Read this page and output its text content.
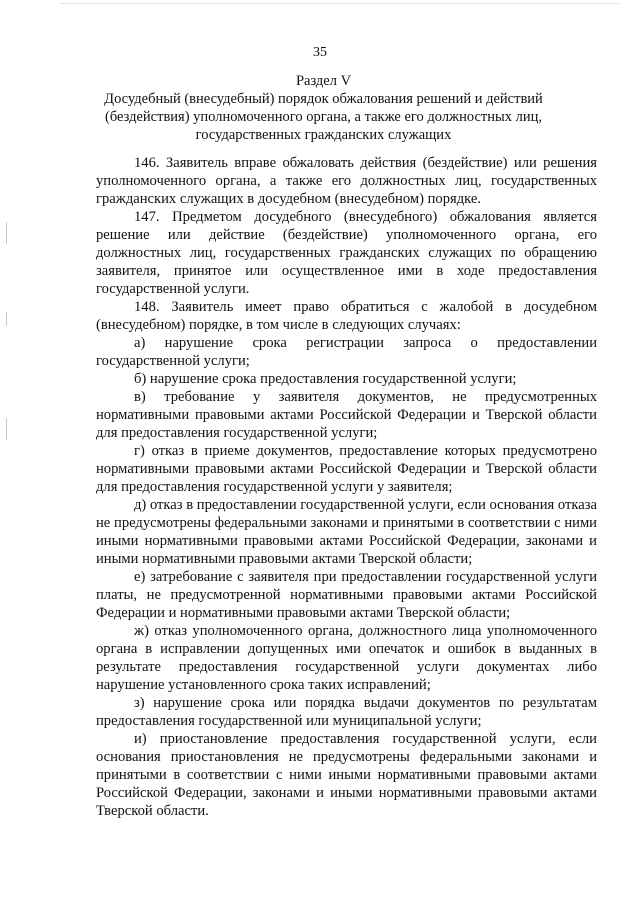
35

Раздел V

Досудебный (внесудебный) порядок обжалования решений и действий (бездействия) уполномоченного органа, а также его должностных лиц, государственных гражданских служащих

146. Заявитель вправе обжаловать действия (бездействие) или решения уполномоченного органа, а также его должностных лиц, государственных гражданских служащих в досудебном (внесудебном) порядке.

147. Предметом досудебного (внесудебного) обжалования является решение или действие (бездействие) уполномоченного органа, его должностных лиц, государственных гражданских служащих по обращению заявителя, принятое или осуществленное ими в ходе предоставления государственной услуги.

148. Заявитель имеет право обратиться с жалобой в досудебном (внесудебном) порядке, в том числе в следующих случаях:

а) нарушение срока регистрации запроса о предоставлении государственной услуги;

б) нарушение срока предоставления государственной услуги;

в) требование у заявителя документов, не предусмотренных нормативными правовыми актами Российской Федерации и Тверской области для предоставления государственной услуги;

г) отказ в приеме документов, предоставление которых предусмотрено нормативными правовыми актами Российской Федерации и Тверской области для предоставления государственной услуги у заявителя;

д) отказ в предоставлении государственной услуги, если основания отказа не предусмотрены федеральными законами и принятыми в соответствии с ними иными нормативными правовыми актами Российской Федерации, законами и иными нормативными правовыми актами Тверской области;

е) затребование с заявителя при предоставлении государственной услуги платы, не предусмотренной нормативными правовыми актами Российской Федерации и нормативными правовыми актами Тверской области;

ж) отказ уполномоченного органа, должностного лица уполномоченного органа в исправлении допущенных ими опечаток и ошибок в выданных в результате предоставления государственной услуги документах либо нарушение установленного срока таких исправлений;

з) нарушение срока или порядка выдачи документов по результатам предоставления государственной или муниципальной услуги;

и) приостановление предоставления государственной услуги, если основания приостановления не предусмотрены федеральными законами и принятыми в соответствии с ними иными нормативными правовыми актами Российской Федерации, законами и иными нормативными правовыми актами Тверской области.
